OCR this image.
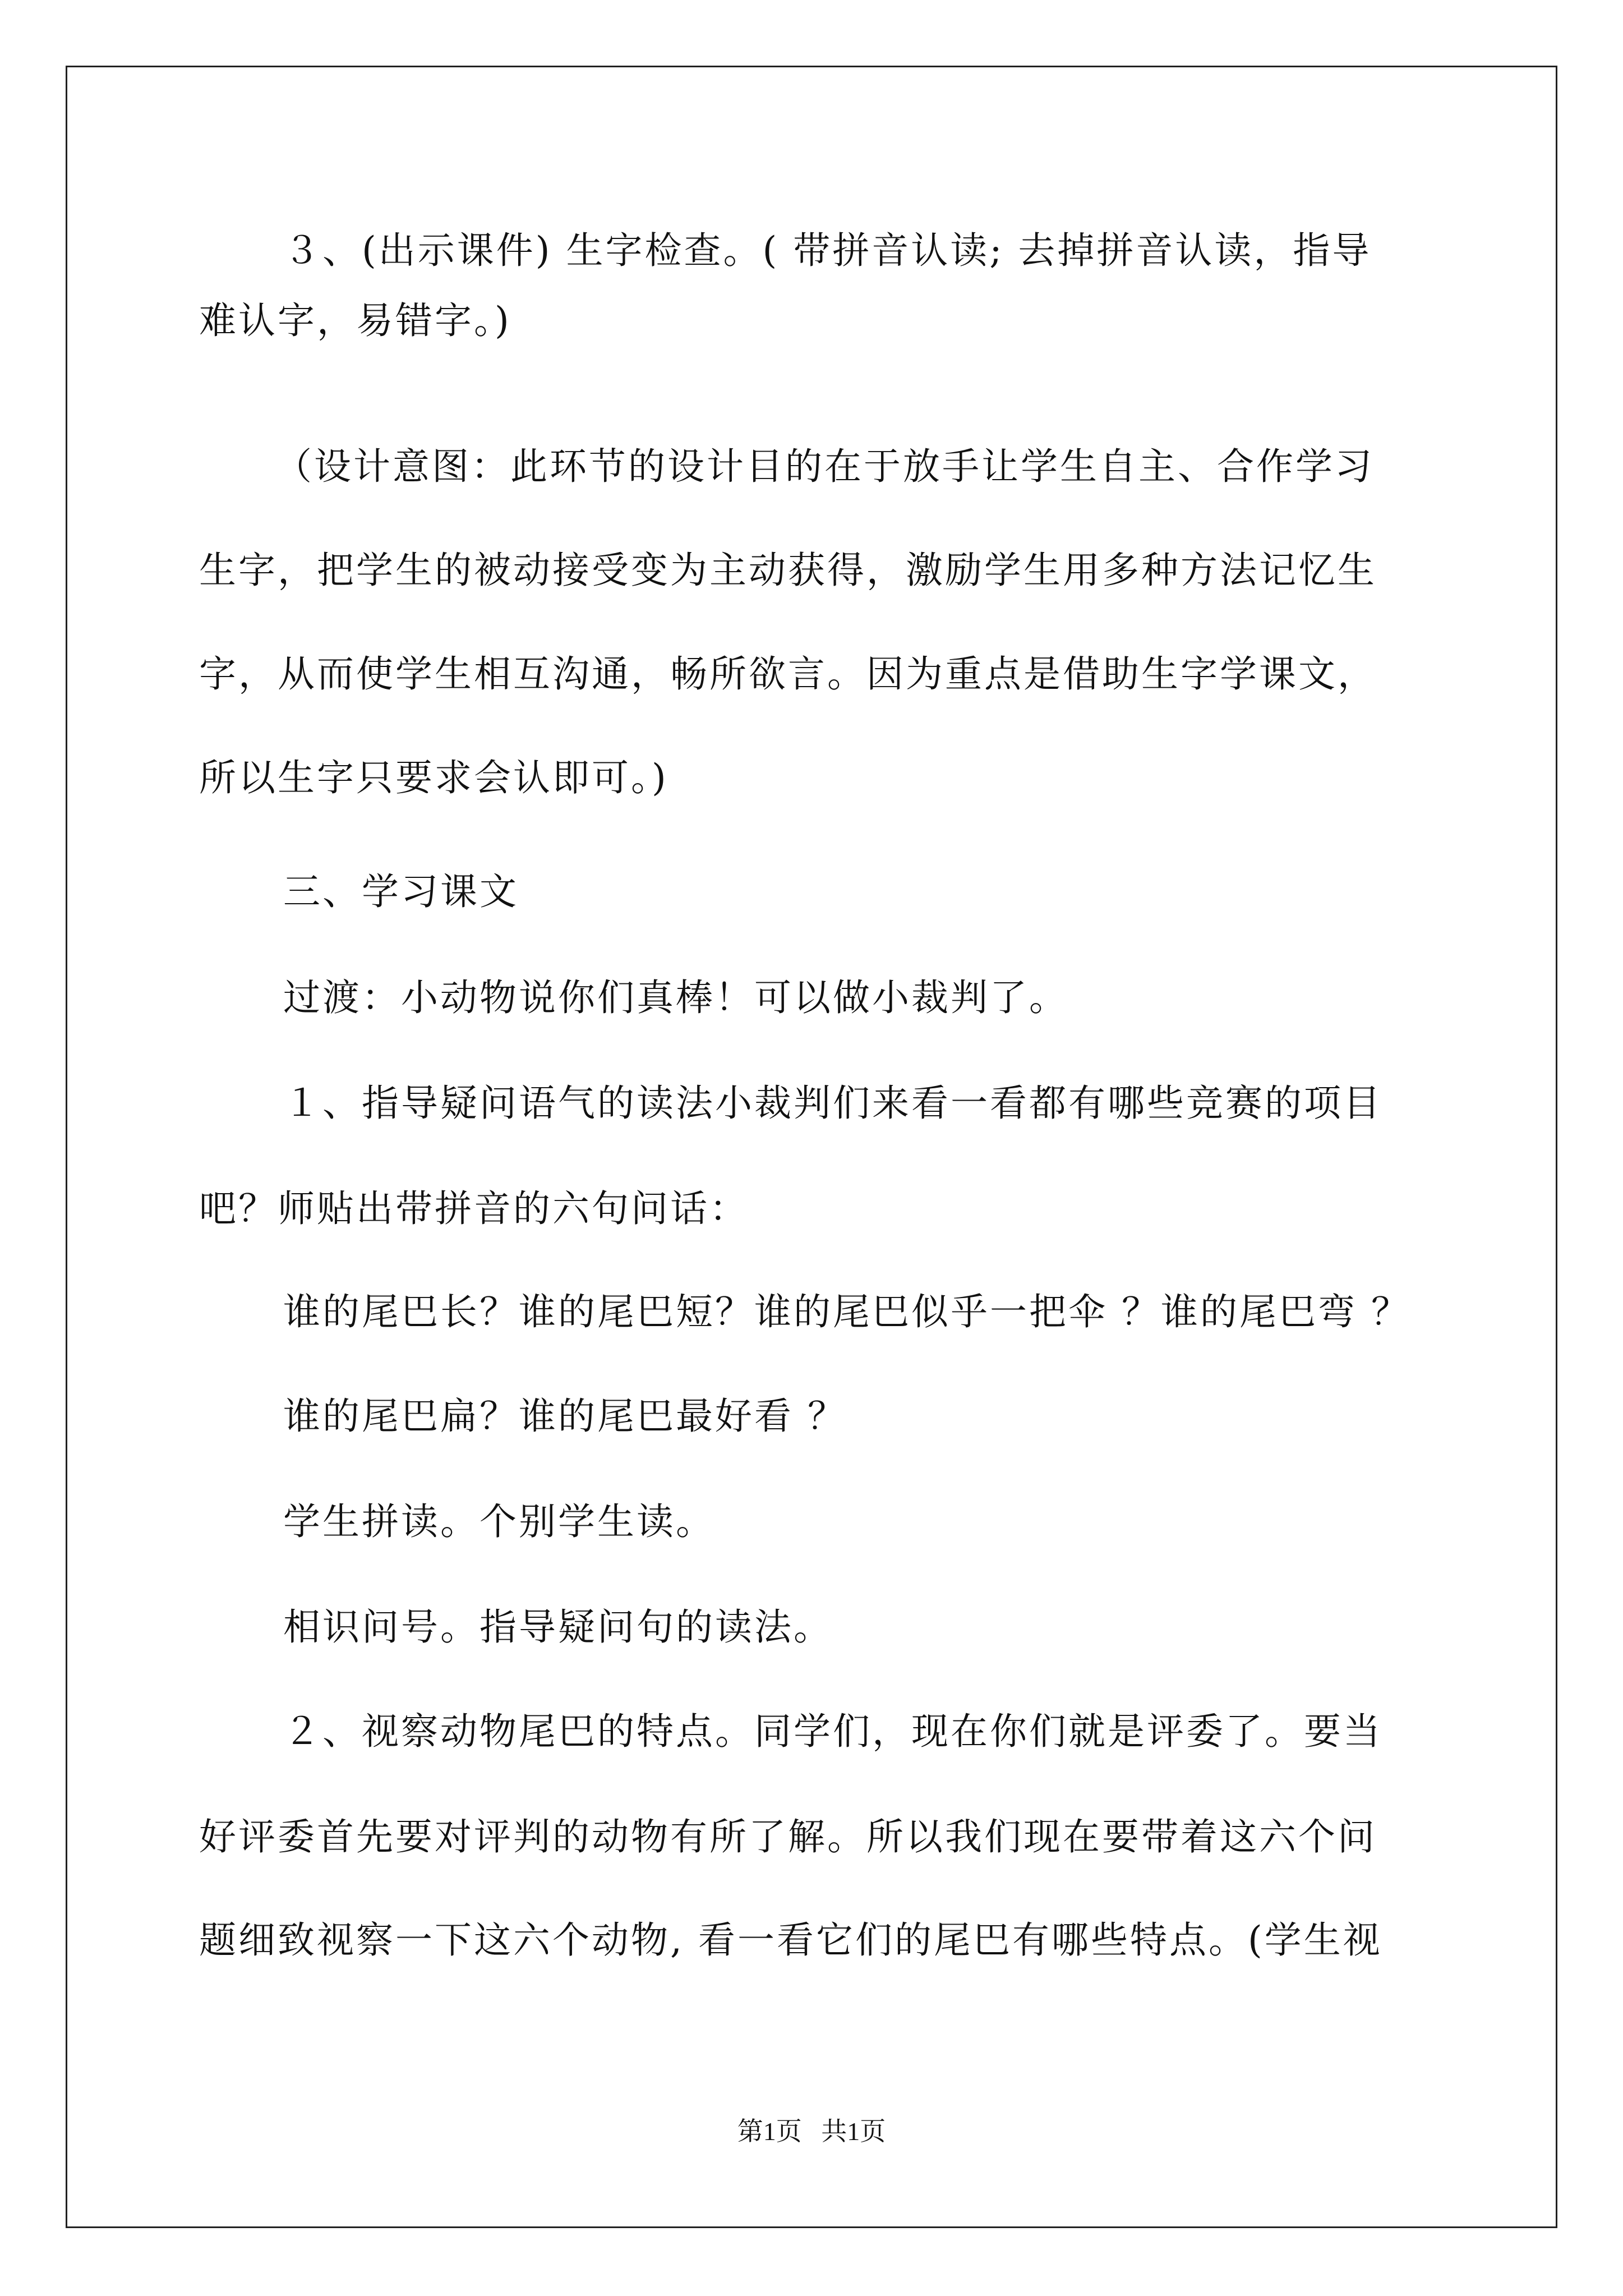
３、(出示课件) 生字检查。( 带拼音认读; 去掉拼音认读，指导
难认字，易错字。)
（设计意图：此环节的设计目的在于放手让学生自主、合作学习
生字，把学生的被动接受变为主动获得，激励学生用多种方法记忆生
字，从而使学生相互沟通，畅所欲言。因为重点是借助生字学课文，
所以生字只要求会认即可。)
三、学习课文
过渡：小动物说你们真棒！可以做小裁判了。
１、指导疑问语气的读法小裁判们来看一看都有哪些竞赛的项目
吧？师贴出带拼音的六句问话：
谁的尾巴长？谁的尾巴短？谁的尾巴似乎一把伞 ？谁的尾巴弯 ？
谁的尾巴扁？谁的尾巴最好看 ？
学生拼读。个别学生读。
相识问号。指导疑问句的读法。
２、视察动物尾巴的特点。同学们，现在你们就是评委了。要当
好评委首先要对评判的动物有所了解。所以我们现在要带着这六个问
题细致视察一下这六个动物, 看一看它们的尾巴有哪些特点。(学生视
第1页   共1页
